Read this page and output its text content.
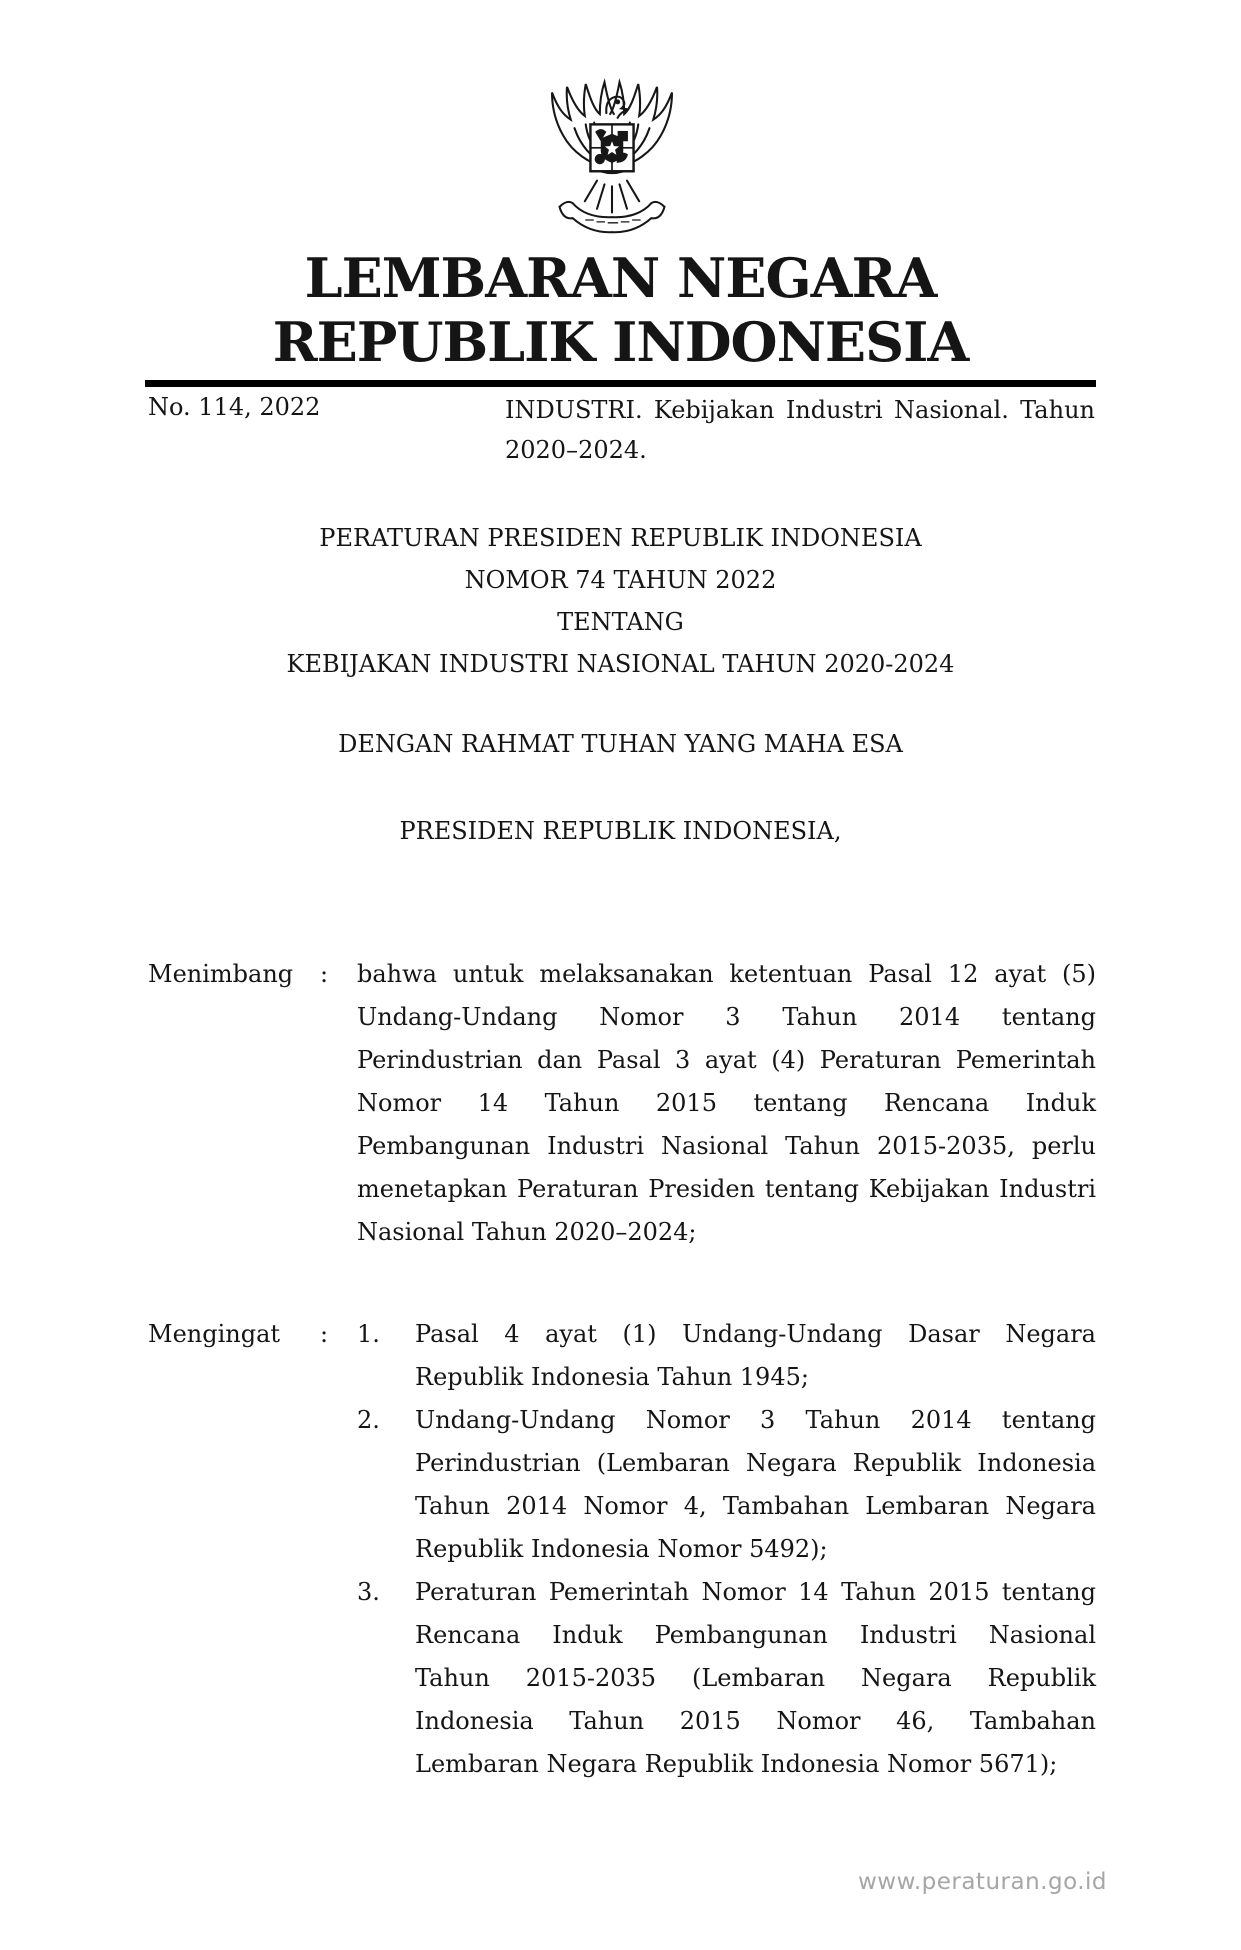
LEMBARAN NEGARA
REPUBLIK INDONESIA
No. 114, 2022	INDUSTRI. Kebijakan Industri Nasional. Tahun
2020–2024.
PERATURAN PRESIDEN REPUBLIK INDONESIA
NOMOR 74 TAHUN 2022
TENTANG
KEBIJAKAN INDUSTRI NASIONAL TAHUN 2020-2024
DENGAN RAHMAT TUHAN YANG MAHA ESA
PRESIDEN REPUBLIK INDONESIA,
Menimbang	:	bahwa untuk melaksanakan ketentuan Pasal 12 ayat (5)
Undang-Undang Nomor 3 Tahun 2014 tentang
Perindustrian dan Pasal 3 ayat (4) Peraturan Pemerintah
Nomor 14 Tahun 2015 tentang Rencana Induk
Pembangunan Industri Nasional Tahun 2015-2035, perlu
menetapkan Peraturan Presiden tentang Kebijakan Industri
Nasional Tahun 2020–2024;
Mengingat	:	1.	Pasal 4 ayat (1) Undang-Undang Dasar Negara
Republik Indonesia Tahun 1945;
2.	Undang-Undang Nomor 3 Tahun 2014 tentang
Perindustrian (Lembaran Negara Republik Indonesia
Tahun 2014 Nomor 4, Tambahan Lembaran Negara
Republik Indonesia Nomor 5492);
3.	Peraturan Pemerintah Nomor 14 Tahun 2015 tentang
Rencana Induk Pembangunan Industri Nasional
Tahun 2015-2035 (Lembaran Negara Republik
Indonesia Tahun 2015 Nomor 46, Tambahan
Lembaran Negara Republik Indonesia Nomor 5671);
www.peraturan.go.id
